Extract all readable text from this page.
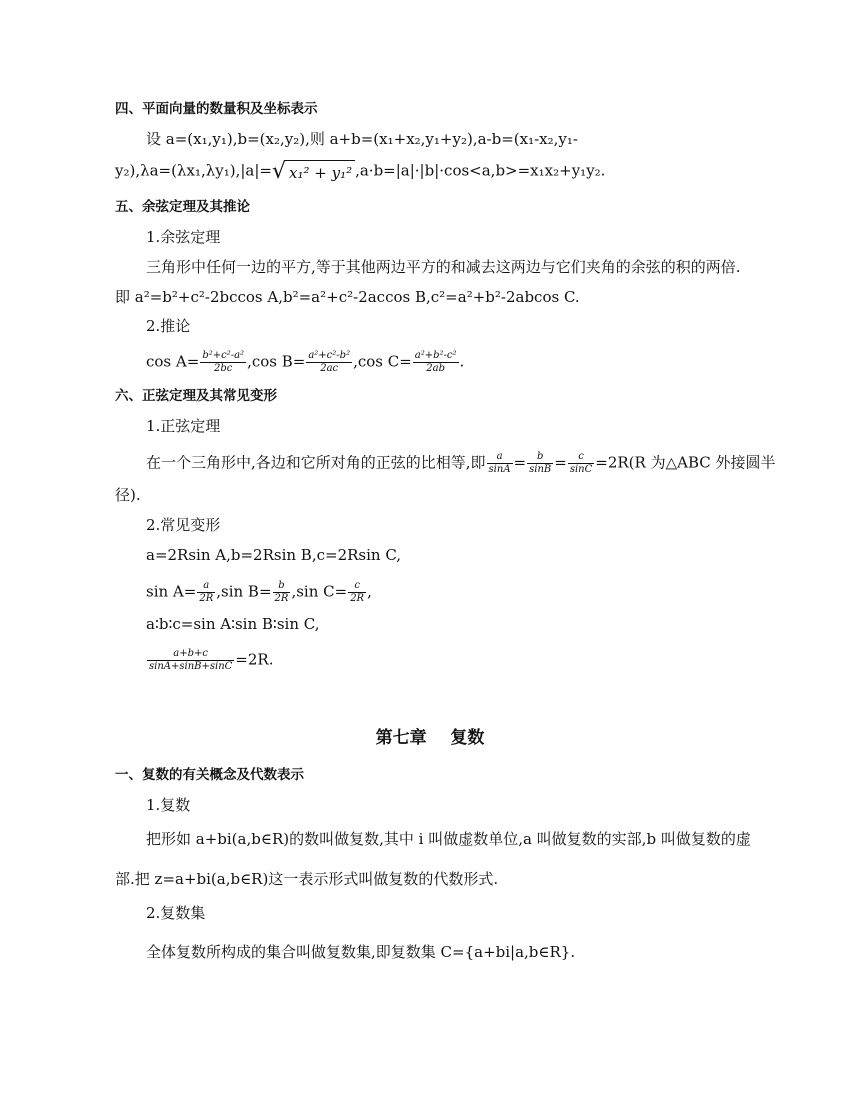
四、平面向量的数量积及坐标表示
设 a=(x₁,y₁),b=(x₂,y₂),则 a+b=(x₁+x₂,y₁+y₂),a-b=(x₁-x₂,y₁-
y₂),λa=(λx₁,λy₁),|a|=√ x₁² + y₁² ,a·b=|a|·|b|·cos<a,b>=x₁x₂+y₁y₂.
五、余弦定理及其推论
1.余弦定理
三角形中任何一边的平方,等于其他两边平方的和减去这两边与它们夹角的余弦的积的两倍.
即 a²=b²+c²-2bccos A,b²=a²+c²-2accos B,c²=a²+b²-2abcos C.
2.推论
$\cos A= \frac{\text{b²+c²-a²}}{2bc} ,\cos$ $B= \frac{\text{a²+c²-b²}}{2ac} ,\cos$ $C= \frac{\text{a²+b²-c²}}{2ab}$ .
六、正弦定理及其常见变形
1.正弦定理
在一个三角形中,各边和它所对角的正弦的比相等,即 $\frac{a}{\sin A} = \frac{b}{\sin B} = \frac{c}{\sin C} =2R(R$ 为△ABC 外接圆半
径).
2.常见变形
a=2Rsin A,b=2Rsin B,c=2Rsin C,
$\sin A= \frac{a}{2R} ,\sin$ $B= \frac{b}{2R} ,\sin$ $C= \frac{c}{2R}$ ,
a∶b∶c=sin A∶sin B∶sin C,
$\frac{a+b+c}{\sin A+\sin B+\sin C} =2R$.
第七章    复数
一、复数的有关概念及代数表示
1.复数
把形如 a+bi(a,b∈R)的数叫做复数,其中 i 叫做虚数单位,a 叫做复数的实部,b 叫做复数的虚
部.把 z=a+bi(a,b∈R)这一表示形式叫做复数的代数形式.
2.复数集
全体复数所构成的集合叫做复数集,即复数集 C={a+bi|a,b∈R}.
